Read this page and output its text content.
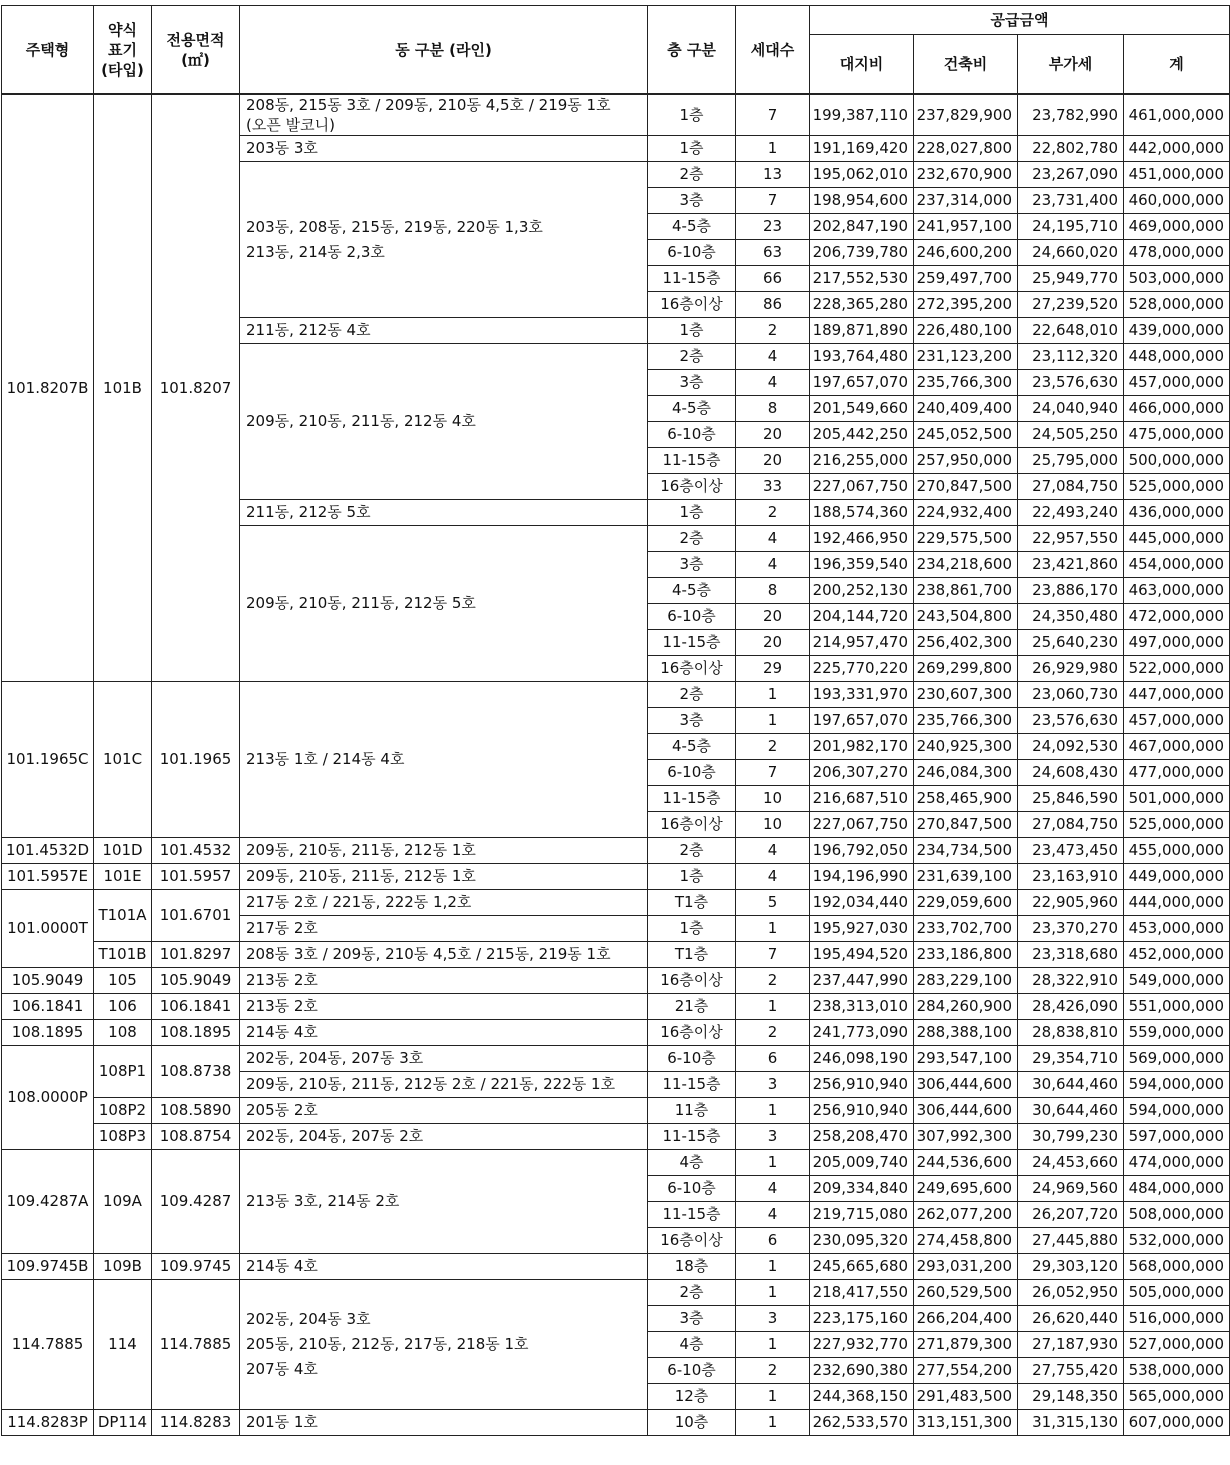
주택형	약식
표기
(타입)	전용면적
(㎡)	동 구분 (라인)	층 구분	세대수	공급금액			
						대지비	건축비	부가세	계
101.8207B	101B	101.8207	208동, 215동 3호 / 209동, 210동 4,5호 / 219동 1호
(오픈 발코니)	1층	7	199,387,110	237,829,900	23,782,990	461,000,000

			203동 3호	1층	1	191,169,420	228,027,800	22,802,780	442,000,000

			203동, 208동, 215동, 219동, 220동 1,3호
213동, 214동 2,3호	2층	13	195,062,010	232,670,900	23,267,090	451,000,000
				3층	7	198,954,600	237,314,000	23,731,400	460,000,000
				4-5층	23	202,847,190	241,957,100	24,195,710	469,000,000
				6-10층	63	206,739,780	246,600,200	24,660,020	478,000,000
				11-15층	66	217,552,530	259,497,700	25,949,770	503,000,000
				16층이상	86	228,365,280	272,395,200	27,239,520	528,000,000

			211동, 212동 4호	1층	2	189,871,890	226,480,100	22,648,010	439,000,000

			209동, 210동, 211동, 212동 4호	2층	4	193,764,480	231,123,200	23,112,320	448,000,000
				3층	4	197,657,070	235,766,300	23,576,630	457,000,000
				4-5층	8	201,549,660	240,409,400	24,040,940	466,000,000
				6-10층	20	205,442,250	245,052,500	24,505,250	475,000,000
				11-15층	20	216,255,000	257,950,000	25,795,000	500,000,000
				16층이상	33	227,067,750	270,847,500	27,084,750	525,000,000

			211동, 212동 5호	1층	2	188,574,360	224,932,400	22,493,240	436,000,000

			209동, 210동, 211동, 212동 5호	2층	4	192,466,950	229,575,500	22,957,550	445,000,000
				3층	4	196,359,540	234,218,600	23,421,860	454,000,000
				4-5층	8	200,252,130	238,861,700	23,886,170	463,000,000
				6-10층	20	204,144,720	243,504,800	24,350,480	472,000,000
				11-15층	20	214,957,470	256,402,300	25,640,230	497,000,000
				16층이상	29	225,770,220	269,299,800	26,929,980	522,000,000
101.1965C	101C	101.1965	213동 1호 / 214동 4호	2층	1	193,331,970	230,607,300	23,060,730	447,000,000
				3층	1	197,657,070	235,766,300	23,576,630	457,000,000
				4-5층	2	201,982,170	240,925,300	24,092,530	467,000,000
				6-10층	7	206,307,270	246,084,300	24,608,430	477,000,000
				11-15층	10	216,687,510	258,465,900	25,846,590	501,000,000
				16층이상	10	227,067,750	270,847,500	27,084,750	525,000,000
101.4532D	101D	101.4532	209동, 210동, 211동, 212동 1호	2층	4	196,792,050	234,734,500	23,473,450	455,000,000
101.5957E	101E	101.5957	209동, 210동, 211동, 212동 1호	1층	4	194,196,990	231,639,100	23,163,910	449,000,000
101.0000T	T101A	101.6701	217동 2호 / 221동, 222동 1,2호	T1층	5	192,034,440	229,059,600	22,905,960	444,000,000

			217동 2호	1층	1	195,927,030	233,702,700	23,370,270	453,000,000
	T101B	101.8297	208동 3호 / 209동, 210동 4,5호 / 215동, 219동 1호	T1층	7	195,494,520	233,186,800	23,318,680	452,000,000
105.9049	105	105.9049	213동 2호	16층이상	2	237,447,990	283,229,100	28,322,910	549,000,000
106.1841	106	106.1841	213동 2호	21층	1	238,313,010	284,260,900	28,426,090	551,000,000
108.1895	108	108.1895	214동 4호	16층이상	2	241,773,090	288,388,100	28,838,810	559,000,000
108.0000P	108P1	108.8738	202동, 204동, 207동 3호	6-10층	6	246,098,190	293,547,100	29,354,710	569,000,000

			209동, 210동, 211동, 212동 2호 / 221동, 222동 1호	11-15층	3	256,910,940	306,444,600	30,644,460	594,000,000
	108P2	108.5890	205동 2호	11층	1	256,910,940	306,444,600	30,644,460	594,000,000
	108P3	108.8754	202동, 204동, 207동 2호	11-15층	3	258,208,470	307,992,300	30,799,230	597,000,000
109.4287A	109A	109.4287	213동 3호, 214동 2호	4층	1	205,009,740	244,536,600	24,453,660	474,000,000
				6-10층	4	209,334,840	249,695,600	24,969,560	484,000,000
				11-15층	4	219,715,080	262,077,200	26,207,720	508,000,000
				16층이상	6	230,095,320	274,458,800	27,445,880	532,000,000
109.9745B	109B	109.9745	214동 4호	18층	1	245,665,680	293,031,200	29,303,120	568,000,000
114.7885	114	114.7885	202동, 204동 3호
205동, 210동, 212동, 217동, 218동 1호
207동 4호	2층	1	218,417,550	260,529,500	26,052,950	505,000,000
				3층	3	223,175,160	266,204,400	26,620,440	516,000,000
				4층	1	227,932,770	271,879,300	27,187,930	527,000,000
				6-10층	2	232,690,380	277,554,200	27,755,420	538,000,000
				12층	1	244,368,150	291,483,500	29,148,350	565,000,000
114.8283P	DP114	114.8283	201동 1호	10층	1	262,533,570	313,151,300	31,315,130	607,000,000
